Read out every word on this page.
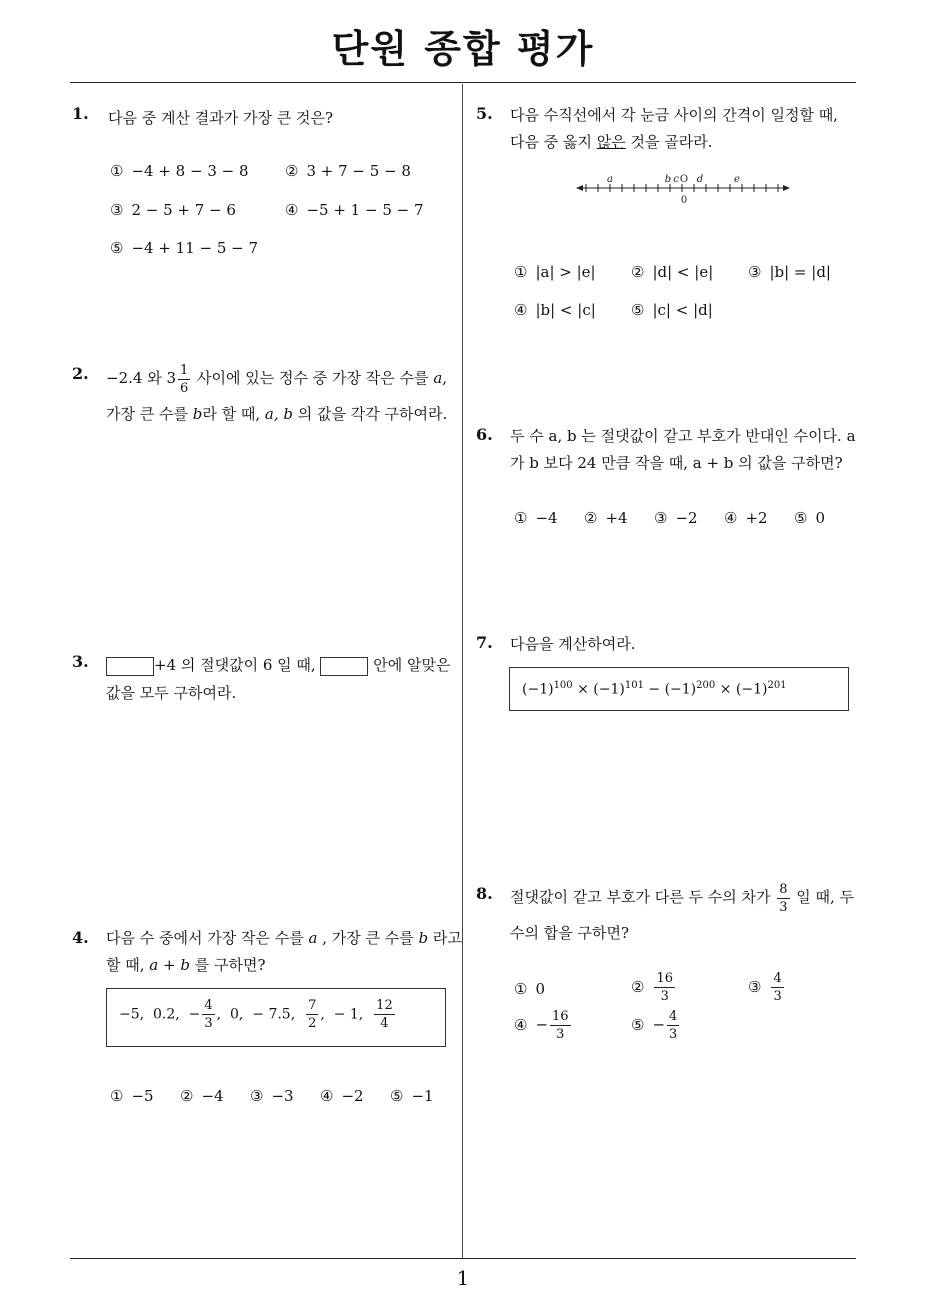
단원 종합 평가
1
1. 다음 중 계산 결과가 가장 큰 것은?
① −4 + 8 − 3 − 8 ② 3 + 7 − 5 − 8
③ 2 − 5 + 7 − 6	④ −5 + 1 − 5 − 7
⑤ −4 + 11 − 5 − 7
2. −2.4 와 $3 \frac{1}{6}$ 사이에 있는 정수 중 가장 작은 수를 a,
가장 큰 수를 b라 할 때, a, b 의 값을 각각 구하여라.
3.	+4 의 절댓값이 6 일 때,	안에 알맞은
값을 모두 구하여라.
4. 다음 수 중에서 가장 작은 수를 a , 가장 큰 수를 b 라고
할 때, a + b 를 구하면?
−5, 0.2, − $\frac{4}{3}$ , 0, − 7.5, $\frac{7}{2}$ , − 1, $\frac{12}{4}$
① −5 ② −4 ③ −3 ④ −2 ⑤ −1
5. 다음 수직선에서 각 눈금 사이의 간격이 일정할 때,
다음 중 옳지 않은 것을 골라라.
a	b c d	e
O
0
① |a| > |e| ② |d| < |e| ③ |b| = |d|
④ |b| < |c| ⑤ |c| < |d|
6. 두 수 a, b 는 절댓값이 같고 부호가 반대인 수이다. a
가 b 보다 24 만큼 작을 때, a + b 의 값을 구하면?
① −4 ② +4 ③ −2 ④ +2 ⑤ 0
7. 다음을 계산하여라.
$(-1)^{100} \times (-1)^{101} - (-1)^{200} \times (-1)^{201}$
8. 절댓값이 같고 부호가 다른 두 수의 차가 $\frac{8}{3}$ 일 때, 두
수의 합을 구하면?
① 0	② $\frac{16}{3}$	③ $\frac{4}{3}$
④ − $\frac{16}{3}$	⑤ − $\frac{4}{3}$
